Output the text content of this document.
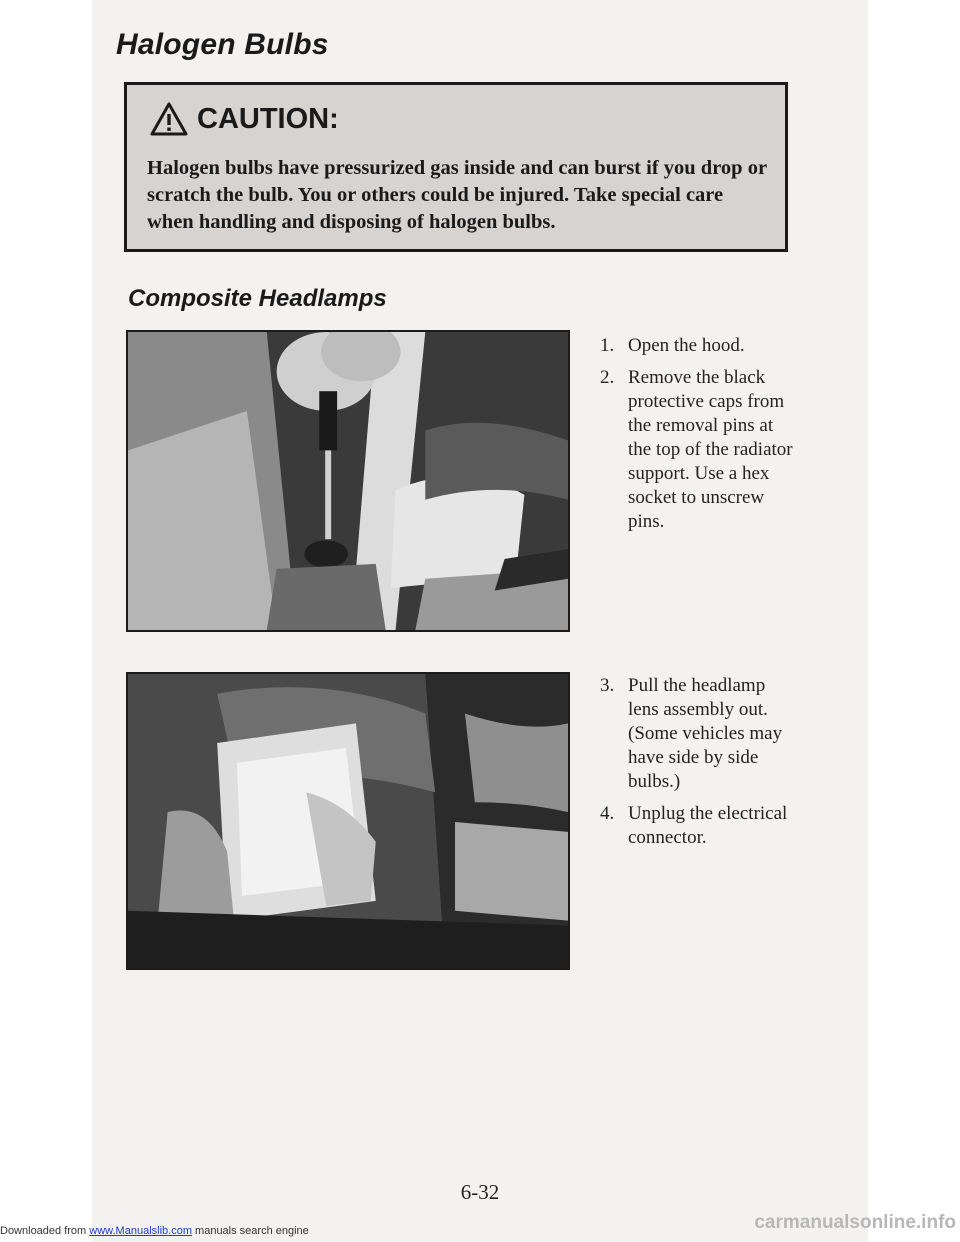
Halogen Bulbs
CAUTION:
Halogen bulbs have pressurized gas inside and can burst if you drop or scratch the bulb. You or others could be injured. Take special care when handling and disposing of halogen bulbs.
Composite Headlamps
1. Open the hood.
2. Remove the black protective caps from the removal pins at the top of the radiator support. Use a hex socket to unscrew pins.
3. Pull the headlamp lens assembly out. (Some vehicles may have side by side bulbs.)
4. Unplug the electrical connector.
6-32
Downloaded from www.Manualslib.com manuals search engine	carmanualsonline.info
